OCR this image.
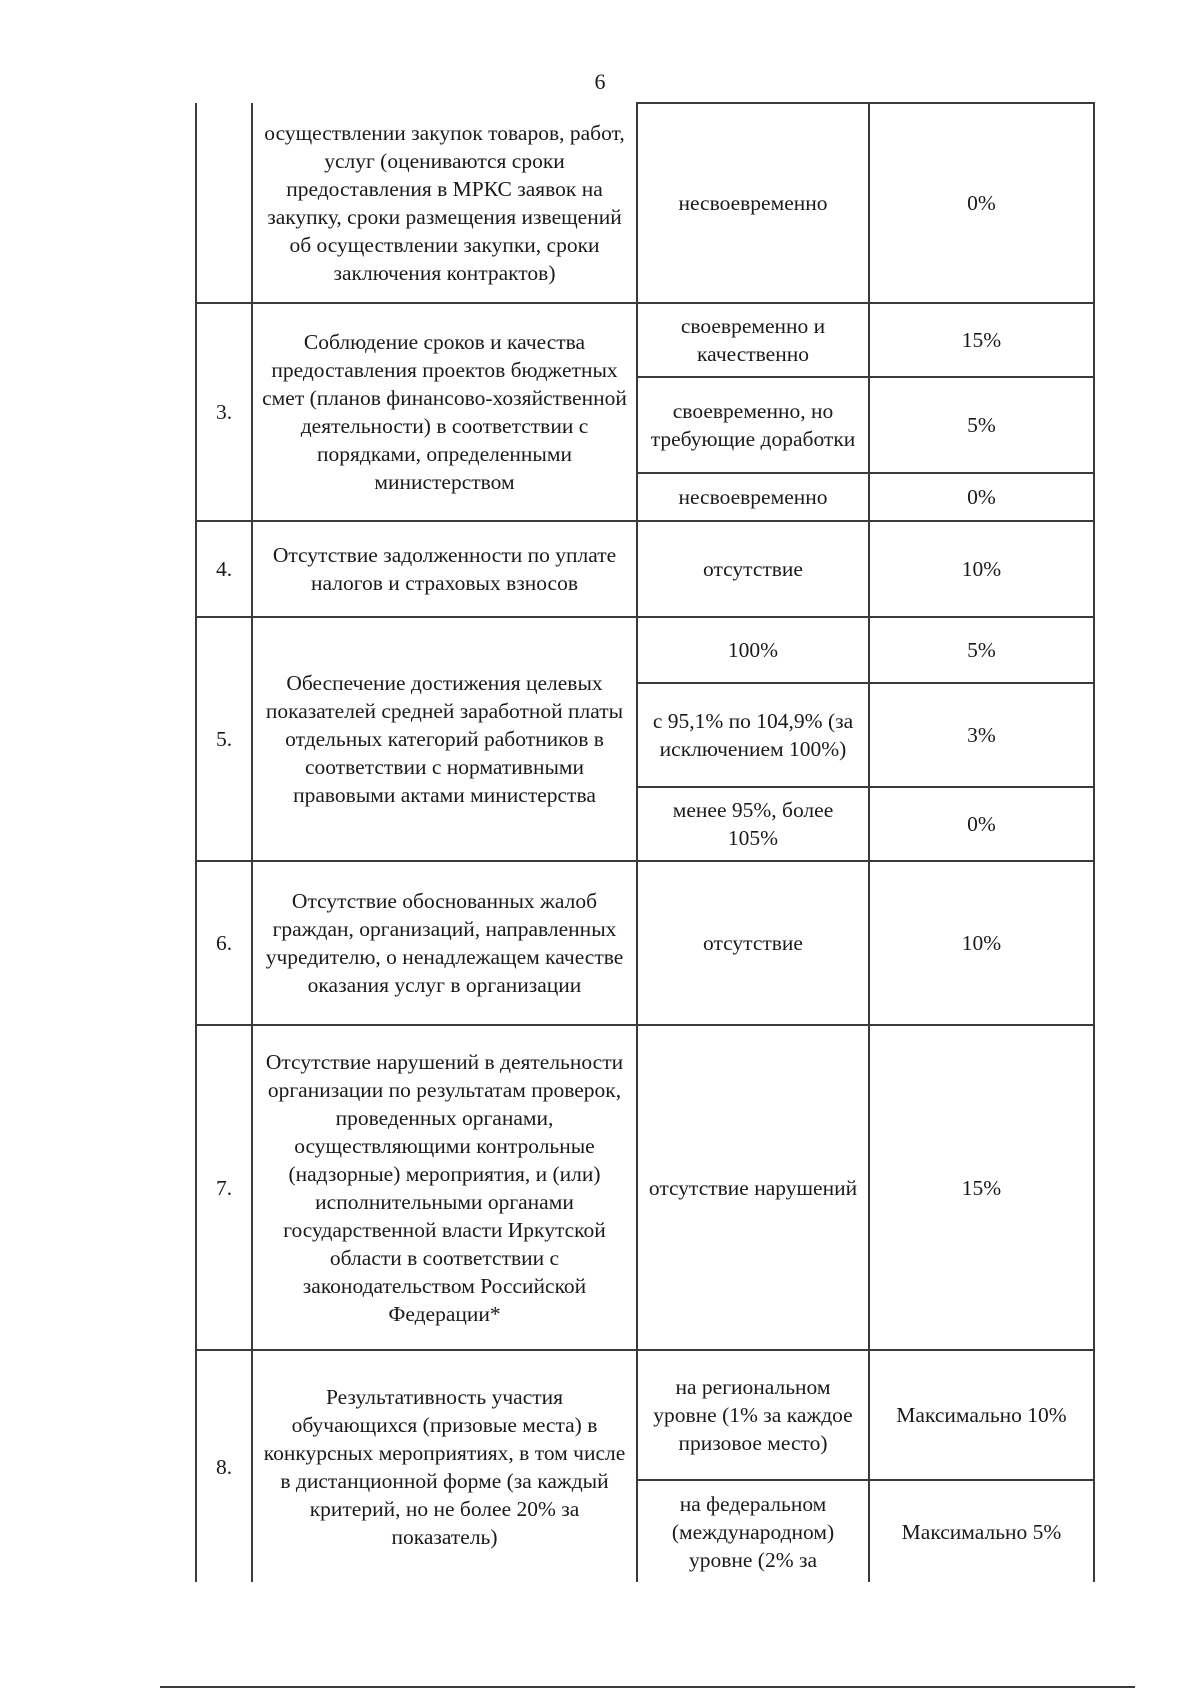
6
	осуществлении закупок товаров, работ, услуг (оцениваются сроки предоставления в МРКС заявок на закупку, сроки размещения извещений об осуществлении закупки, сроки заключения контрактов)	несвоевременно	0%
3.	Соблюдение сроков и качества предоставления проектов бюджетных смет (планов финансово-хозяйственной деятельности) в соответствии с порядками, определенными министерством	своевременно и качественно	15%
		своевременно, но требующие доработки	5%
		несвоевременно	0%
4.	Отсутствие задолженности по уплате налогов и страховых взносов	отсутствие	10%
5.	Обеспечение достижения целевых показателей средней заработной платы отдельных категорий работников в соответствии с нормативными правовыми актами министерства	100%	5%
		с 95,1% по 104,9% (за исключением 100%)	3%
		менее 95%, более 105%	0%
6.	Отсутствие обоснованных жалоб граждан, организаций, направленных учредителю, о ненадлежащем качестве оказания услуг в организации	отсутствие	10%
7.	Отсутствие нарушений в деятельности организации по результатам проверок, проведенных органами, осуществляющими контрольные (надзорные) мероприятия, и (или) исполнительными органами государственной власти Иркутской области в соответствии с законодательством Российской Федерации*	отсутствие нарушений	15%
8.	Результативность участия обучающихся (призовые места) в конкурсных мероприятиях, в том числе в дистанционной форме (за каждый критерий, но не более 20% за показатель)	на региональном уровне (1% за каждое призовое место)	Максимально 10%
		на федеральном (международном) уровне (2% за	Максимально 5%
